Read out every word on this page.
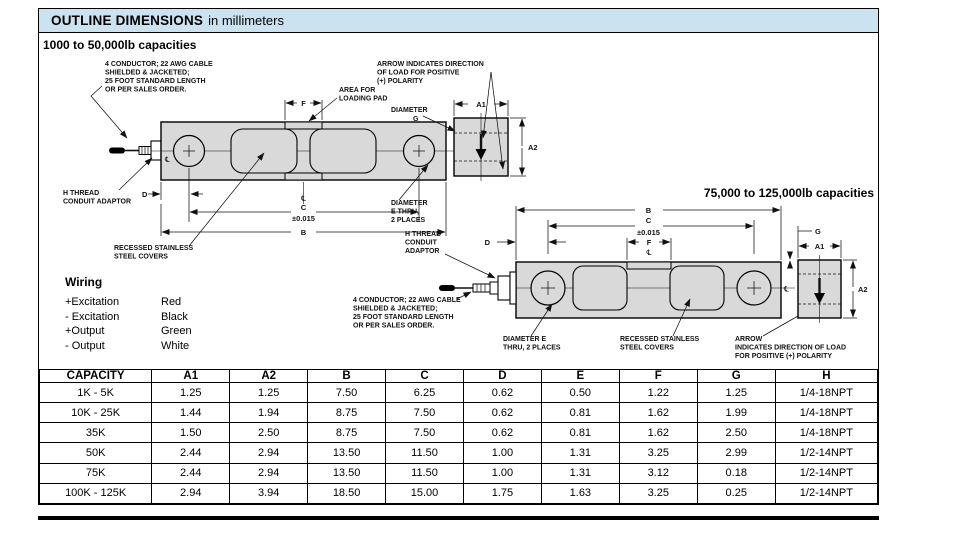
OUTLINE DIMENSIONS in millimeters
1000 to 50,000lb capacities
75,000 to 125,000lb capacities
4 CONDUCTOR; 22 AWG CABLE
SHIELDED & JACKETED;
25 FOOT STANDARD LENGTH
OR PER SALES ORDER.
℄
F
AREA FOR
LOADING PAD
H THREAD
CONDUIT ADAPTOR
D	℄
C
±0.015
B
RECESSED STAINLESS
STEEL COVERS
DIAMETER
E THRU,
2 PLACES
A1
A2
DIAMETER
G
ARROW INDICATES DIRECTION
OF LOAD FOR POSITIVE
(+) POLARITY
℄
B
C
±0.015
D	F
℄
H THREAD
CONDUIT
ADAPTOR
4 CONDUCTOR; 22 AWG CABLE
SHIELDED & JACKETED;
25 FOOT STANDARD LENGTH
OR PER SALES ORDER.
DIAMETER E
THRU, 2 PLACES
RECESSED STAINLESS
STEEL COVERS
ARROW
INDICATES DIRECTION OF LOAD
FOR POSITIVE (+) POLARITY
G
A1
A2
Wiring
+Excitation	Red
- Excitation	Black
+Output	Green
- Output	White
CAPACITY	A1	A2	B	C	D	E	F	G	H
1K - 5K	1.25	1.25	7.50	6.25	0.62	0.50	1.22	1.25	1/4-18NPT
10K - 25K	1.44	1.94	8.75	7.50	0.62	0.81	1.62	1.99	1/4-18NPT
35K	1.50	2.50	8.75	7.50	0.62	0.81	1.62	2.50	1/4-18NPT
50K	2.44	2.94	13.50	11.50	1.00	1.31	3.25	2.99	1/2-14NPT
75K	2.44	2.94	13.50	11.50	1.00	1.31	3.12	0.18	1/2-14NPT
100K - 125K	2.94	3.94	18.50	15.00	1.75	1.63	3.25	0.25	1/2-14NPT
